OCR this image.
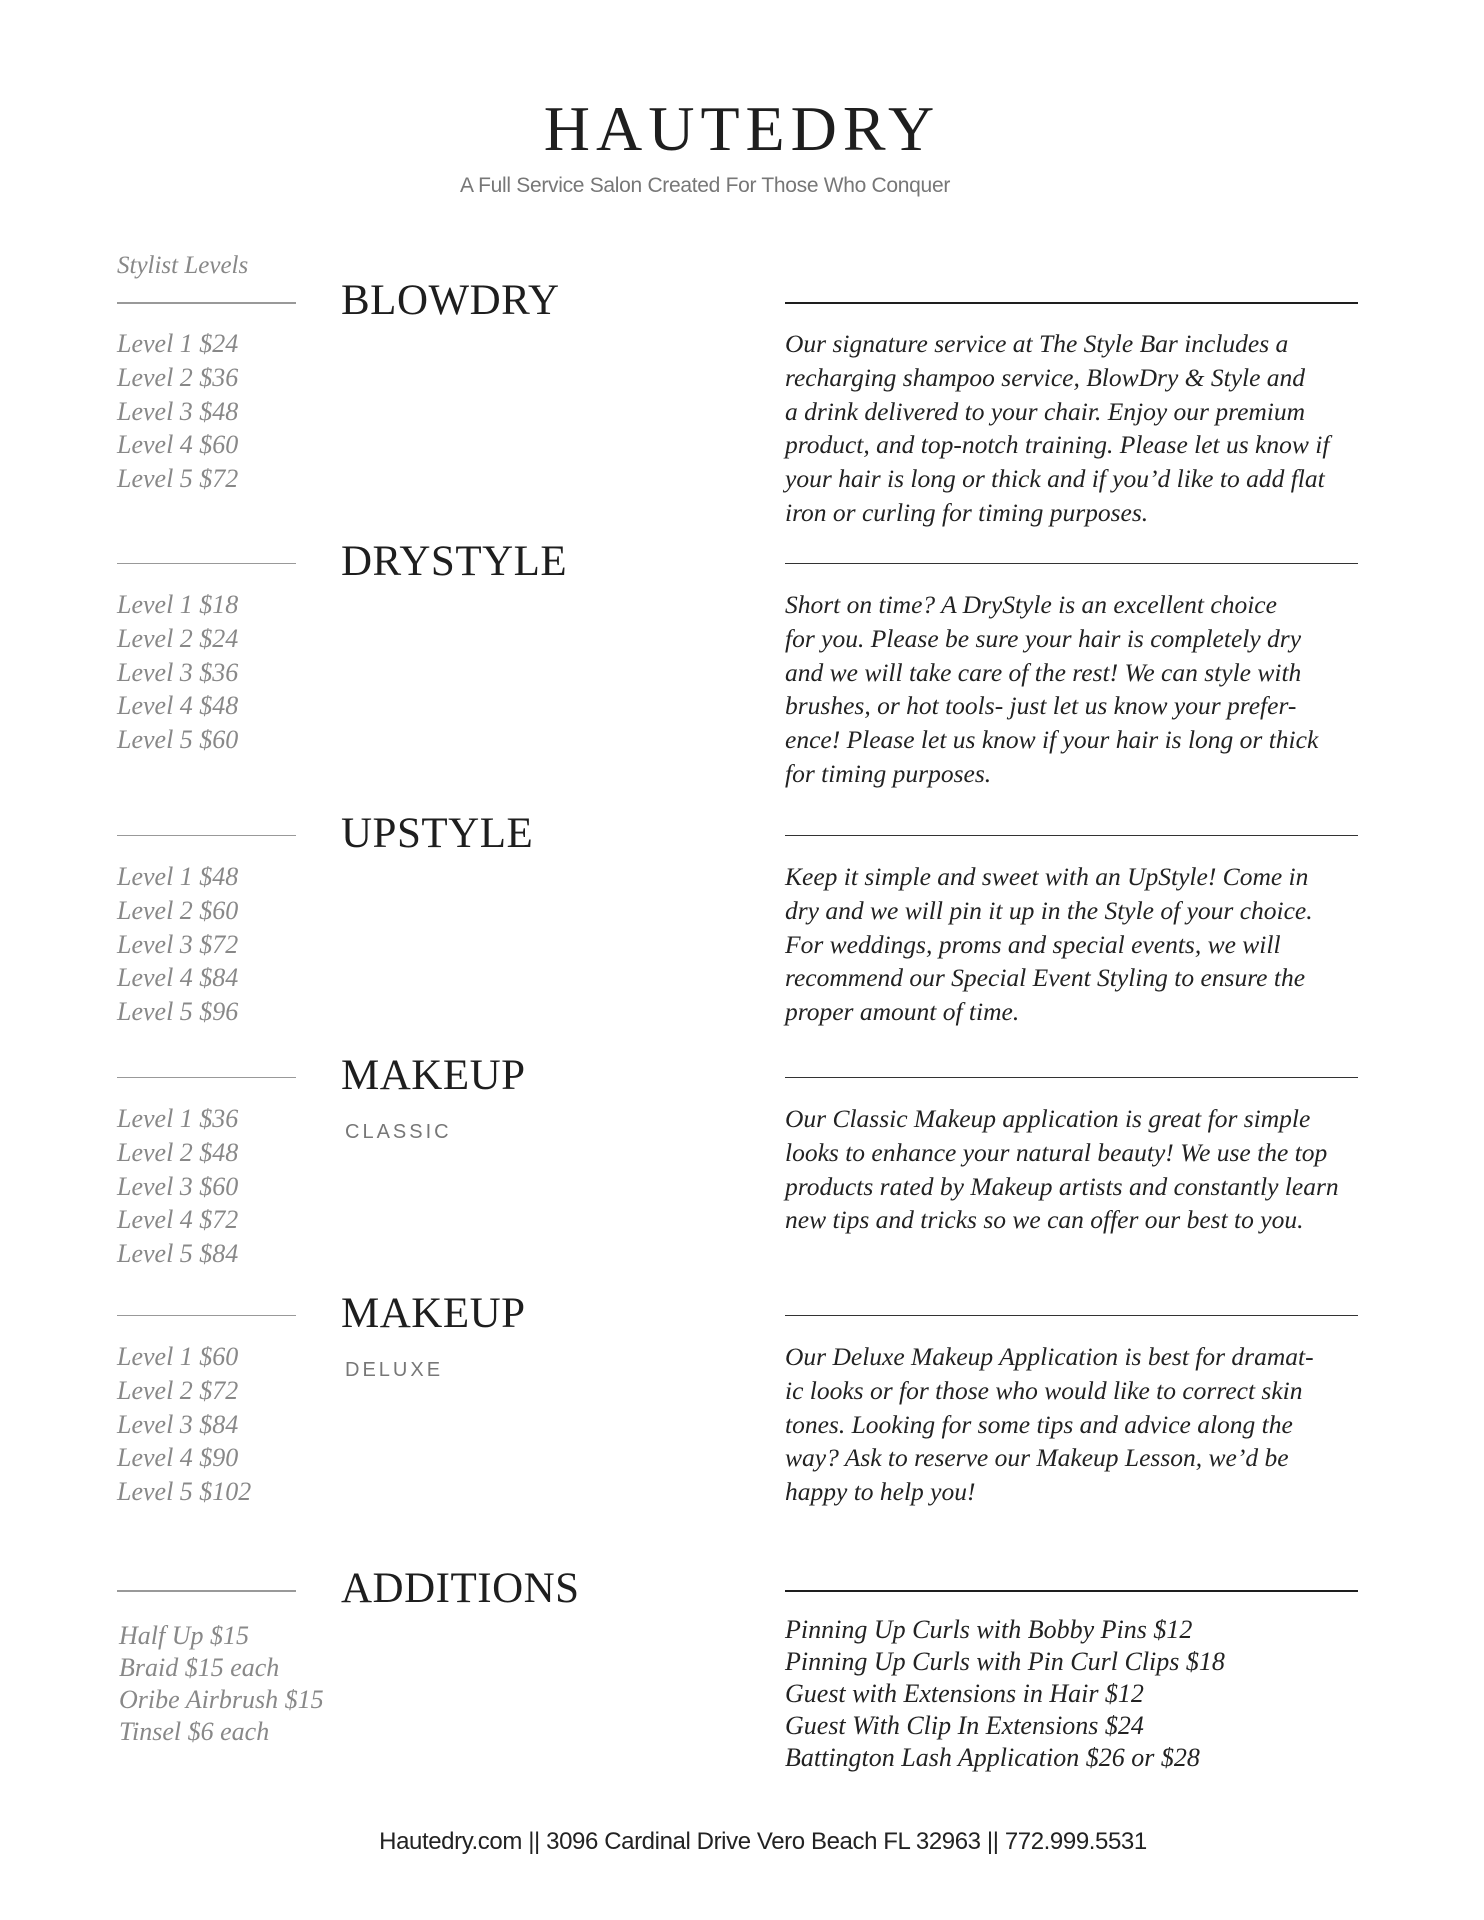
HAUTEDRY
A Full Service Salon Created For Those Who Conquer
Stylist Levels
BLOWDRY
Level 1 $24
Level 2 $36
Level 3 $48
Level 4 $60
Level 5 $72
Our signature service at The Style Bar includes a
recharging shampoo service, BlowDry & Style and
a drink delivered to your chair. Enjoy our premium
product, and top-notch training. Please let us know if
your hair is long or thick and if you’d like to add flat
iron or curling for timing purposes.
DRYSTYLE
Level 1 $18
Level 2 $24
Level 3 $36
Level 4 $48
Level 5 $60
Short on time? A DryStyle is an excellent choice
for you. Please be sure your hair is completely dry
and we will take care of the rest! We can style with
brushes, or hot tools- just let us know your prefer-
ence! Please let us know if your hair is long or thick
for timing purposes.
UPSTYLE
Level 1 $48
Level 2 $60
Level 3 $72
Level 4 $84
Level 5 $96
Keep it simple and sweet with an UpStyle! Come in
dry and we will pin it up in the Style of your choice.
For weddings, proms and special events, we will
recommend our Special Event Styling to ensure the
proper amount of time.
MAKEUP
CLASSIC
Level 1 $36
Level 2 $48
Level 3 $60
Level 4 $72
Level 5 $84
Our Classic Makeup application is great for simple
looks to enhance your natural beauty! We use the top
products rated by Makeup artists and constantly learn
new tips and tricks so we can offer our best to you.
MAKEUP
DELUXE
Level 1 $60
Level 2 $72
Level 3 $84
Level 4 $90
Level 5 $102
Our Deluxe Makeup Application is best for dramat-
ic looks or for those who would like to correct skin
tones. Looking for some tips and advice along the
way? Ask to reserve our Makeup Lesson, we’d be
happy to help you!
ADDITIONS
Half Up $15
Braid $15 each
Oribe Airbrush $15
Tinsel $6 each
Pinning Up Curls with Bobby Pins $12
Pinning Up Curls with Pin Curl Clips $18
Guest with Extensions in Hair $12
Guest With Clip In Extensions $24
Battington Lash Application $26 or $28
Hautedry.com || 3096 Cardinal Drive Vero Beach FL 32963 || 772.999.5531
